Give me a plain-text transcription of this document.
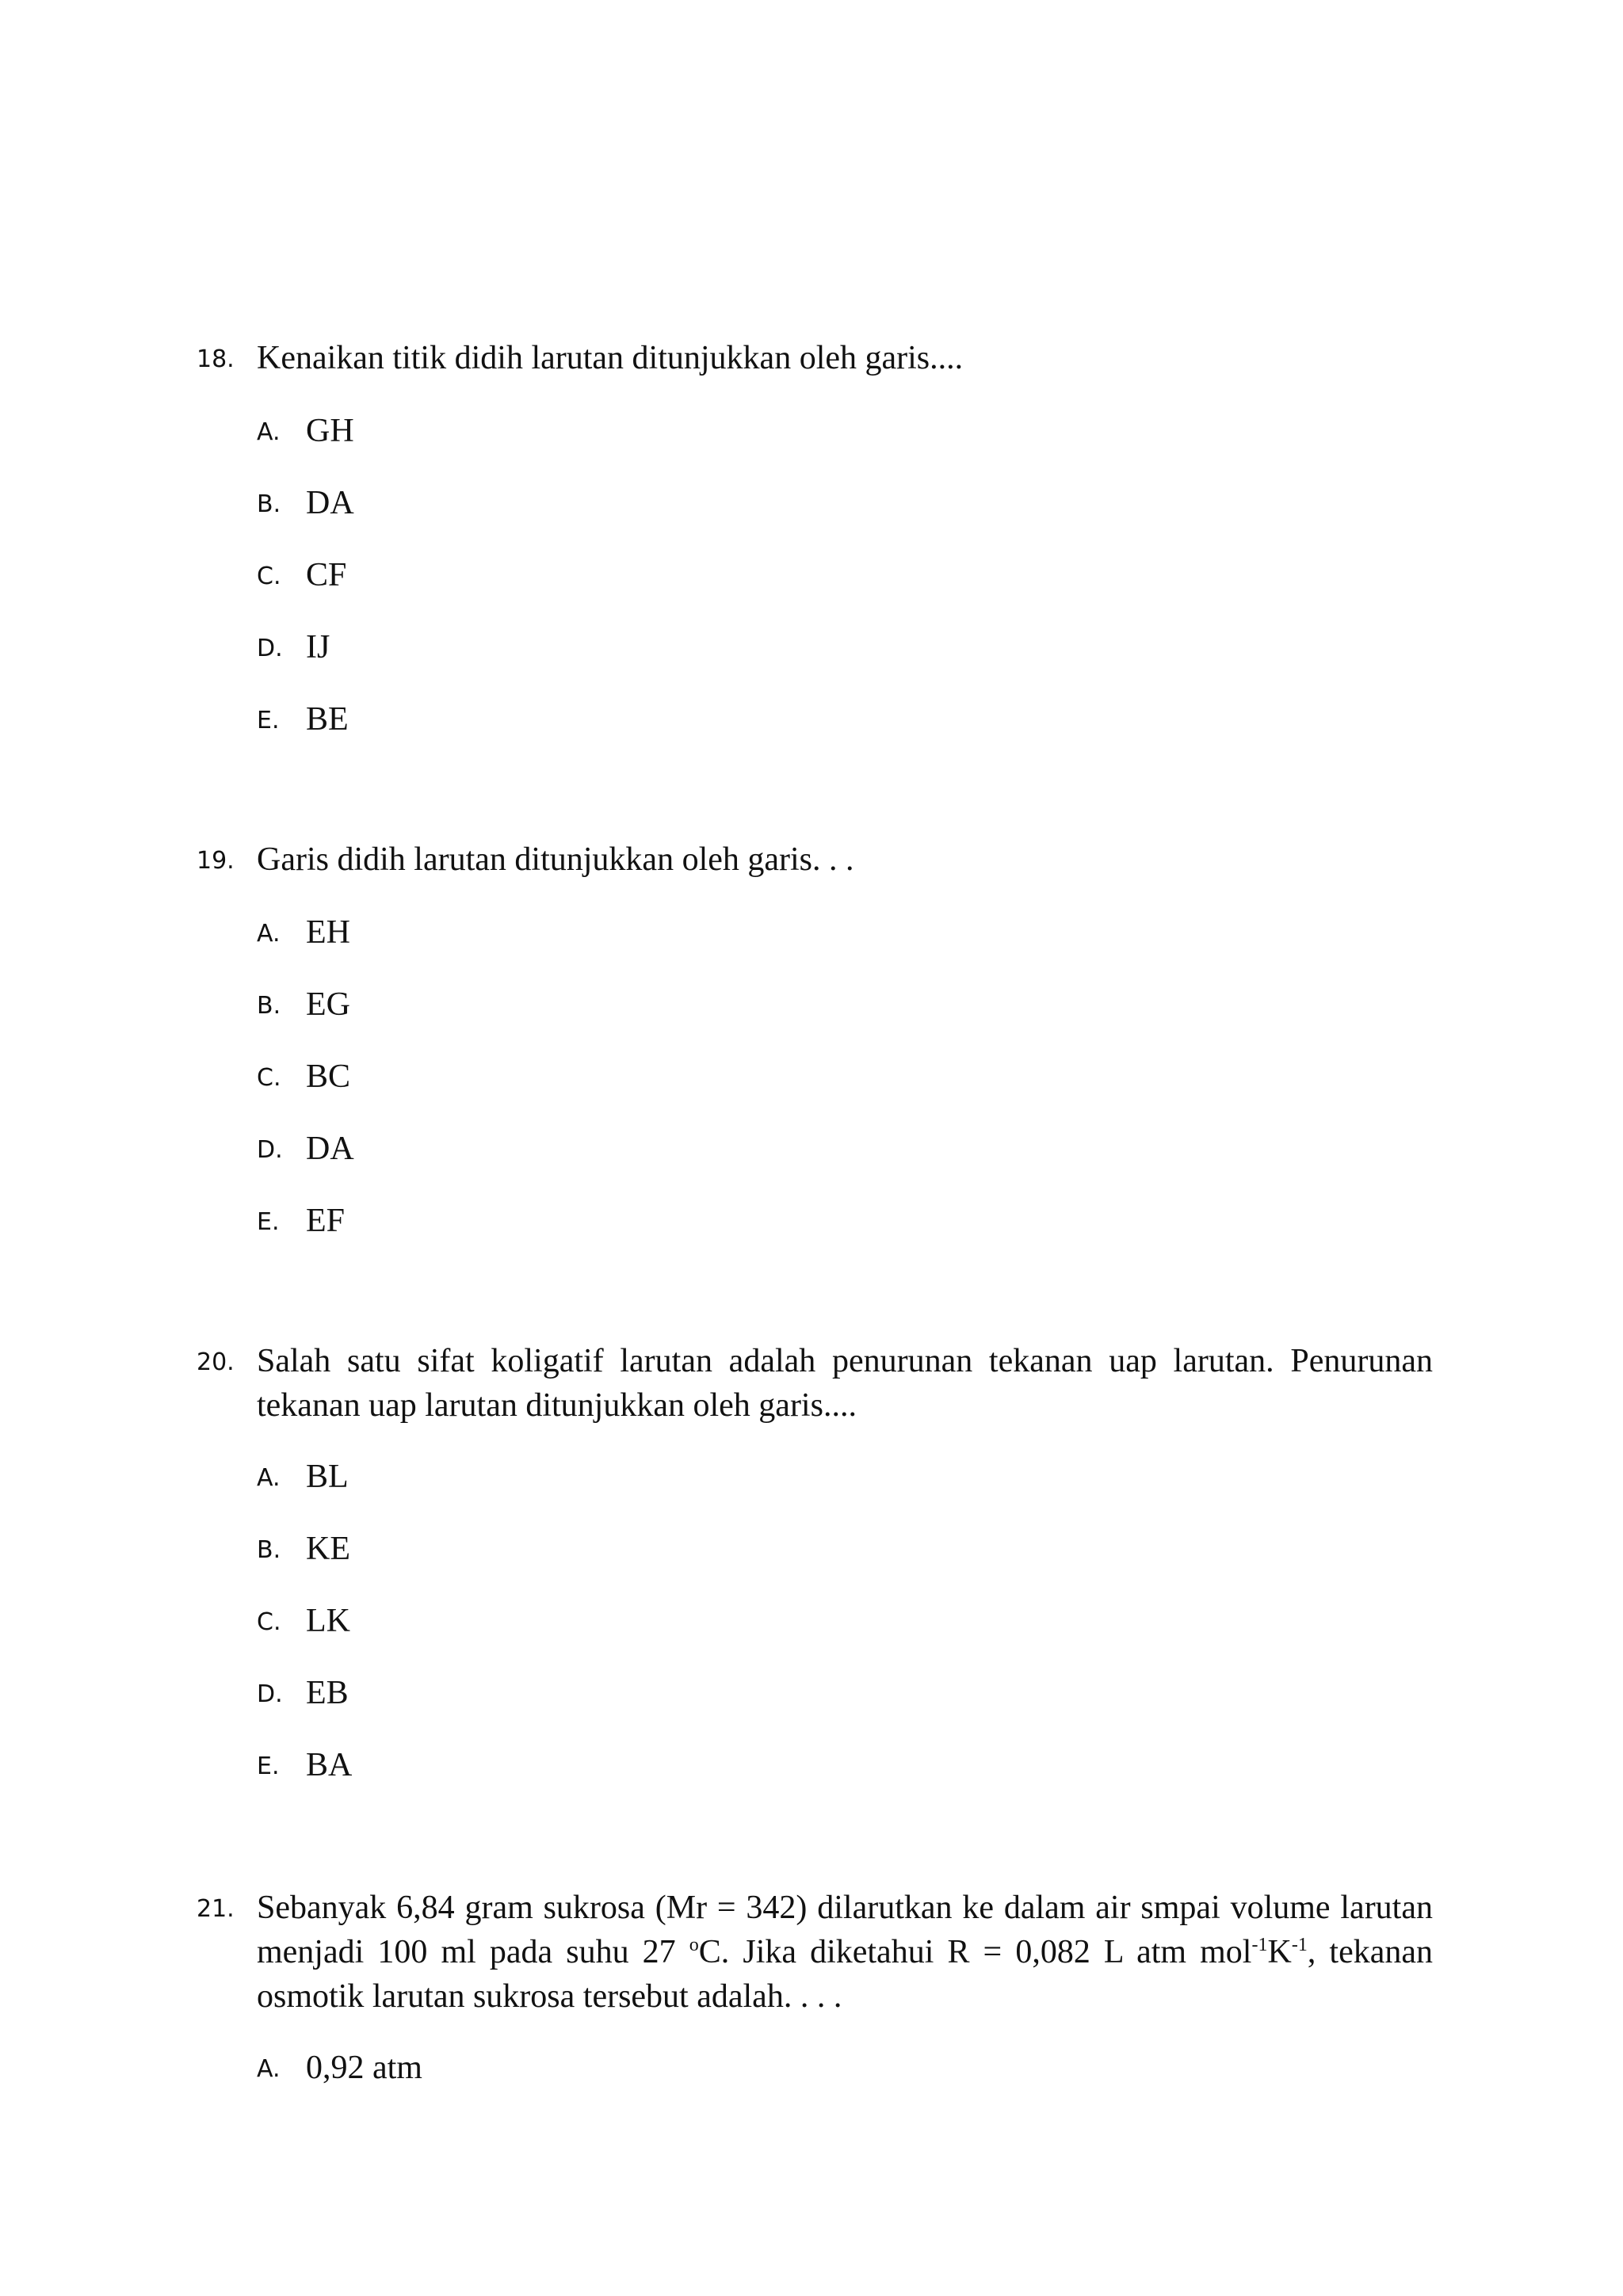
18. Kenaikan titik didih larutan ditunjukkan oleh garis....
A. GH
B. DA
C. CF
D. IJ
E. BE
19. Garis didih larutan ditunjukkan oleh garis. . .
A. EH
B. EG
C. BC
D. DA
E. EF
20. Salah satu sifat koligatif larutan adalah penurunan tekanan uap larutan. Penurunan tekanan uap larutan ditunjukkan oleh garis....
A. BL
B. KE
C. LK
D. EB
E. BA
21. Sebanyak 6,84 gram sukrosa (Mr = 342) dilarutkan ke dalam air smpai volume larutan menjadi 100 ml pada suhu 27 $^o$C. Jika diketahui R = 0,082 L atm $mol^{-1}K^{-1}$, tekanan osmotik larutan sukrosa tersebut adalah. . . .
A. 0,92 atm
